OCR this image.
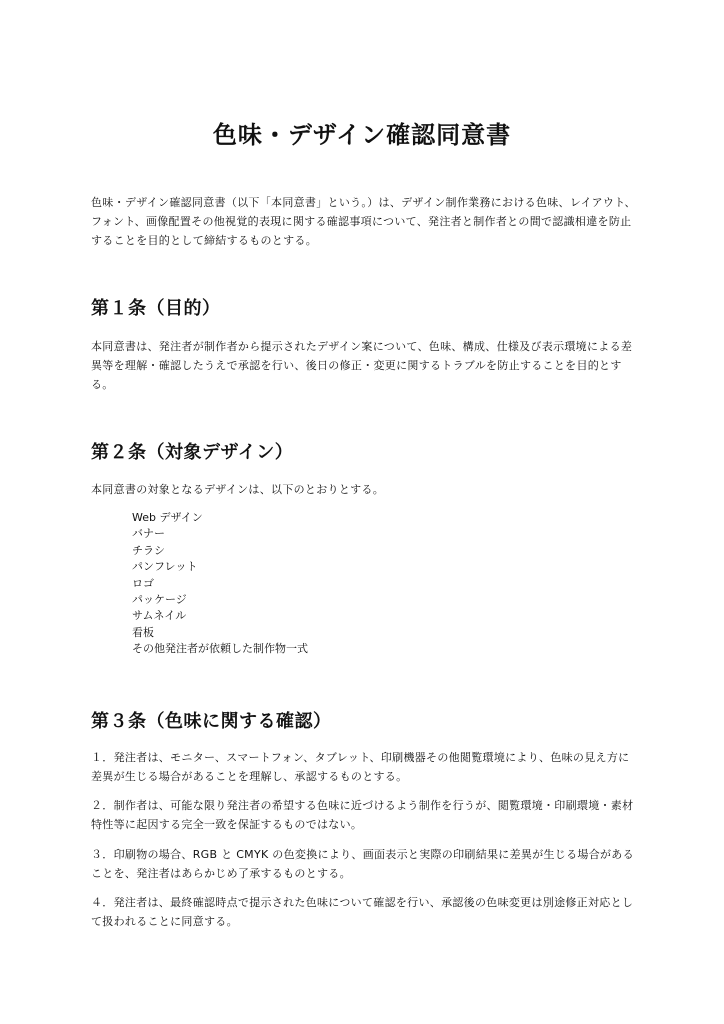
色味・デザイン確認同意書

色味・デザイン確認同意書（以下「本同意書」という。）は、デザイン制作業務における色味、レイアウト、フォント、画像配置その他視覚的表現に関する確認事項について、発注者と制作者との間で認識相違を防止することを目的として締結するものとする。

第１条（目的）

本同意書は、発注者が制作者から提示されたデザイン案について、色味、構成、仕様及び表示環境による差異等を理解・確認したうえで承認を行い、後日の修正・変更に関するトラブルを防止することを目的とする。

第２条（対象デザイン）

本同意書の対象となるデザインは、以下のとおりとする。

Web デザイン
バナー
チラシ
パンフレット
ロゴ
パッケージ
サムネイル
看板
その他発注者が依頼した制作物一式
第３条（色味に関する確認）

１．発注者は、モニター、スマートフォン、タブレット、印刷機器その他閲覧環境により、色味の見え方に差異が生じる場合があることを理解し、承認するものとする。

２．制作者は、可能な限り発注者の希望する色味に近づけるよう制作を行うが、閲覧環境・印刷環境・素材特性等に起因する完全一致を保証するものではない。

３．印刷物の場合、RGB と CMYK の色変換により、画面表示と実際の印刷結果に差異が生じる場合があることを、発注者はあらかじめ了承するものとする。

４．発注者は、最終確認時点で提示された色味について確認を行い、承認後の色味変更は別途修正対応として扱われることに同意する。
